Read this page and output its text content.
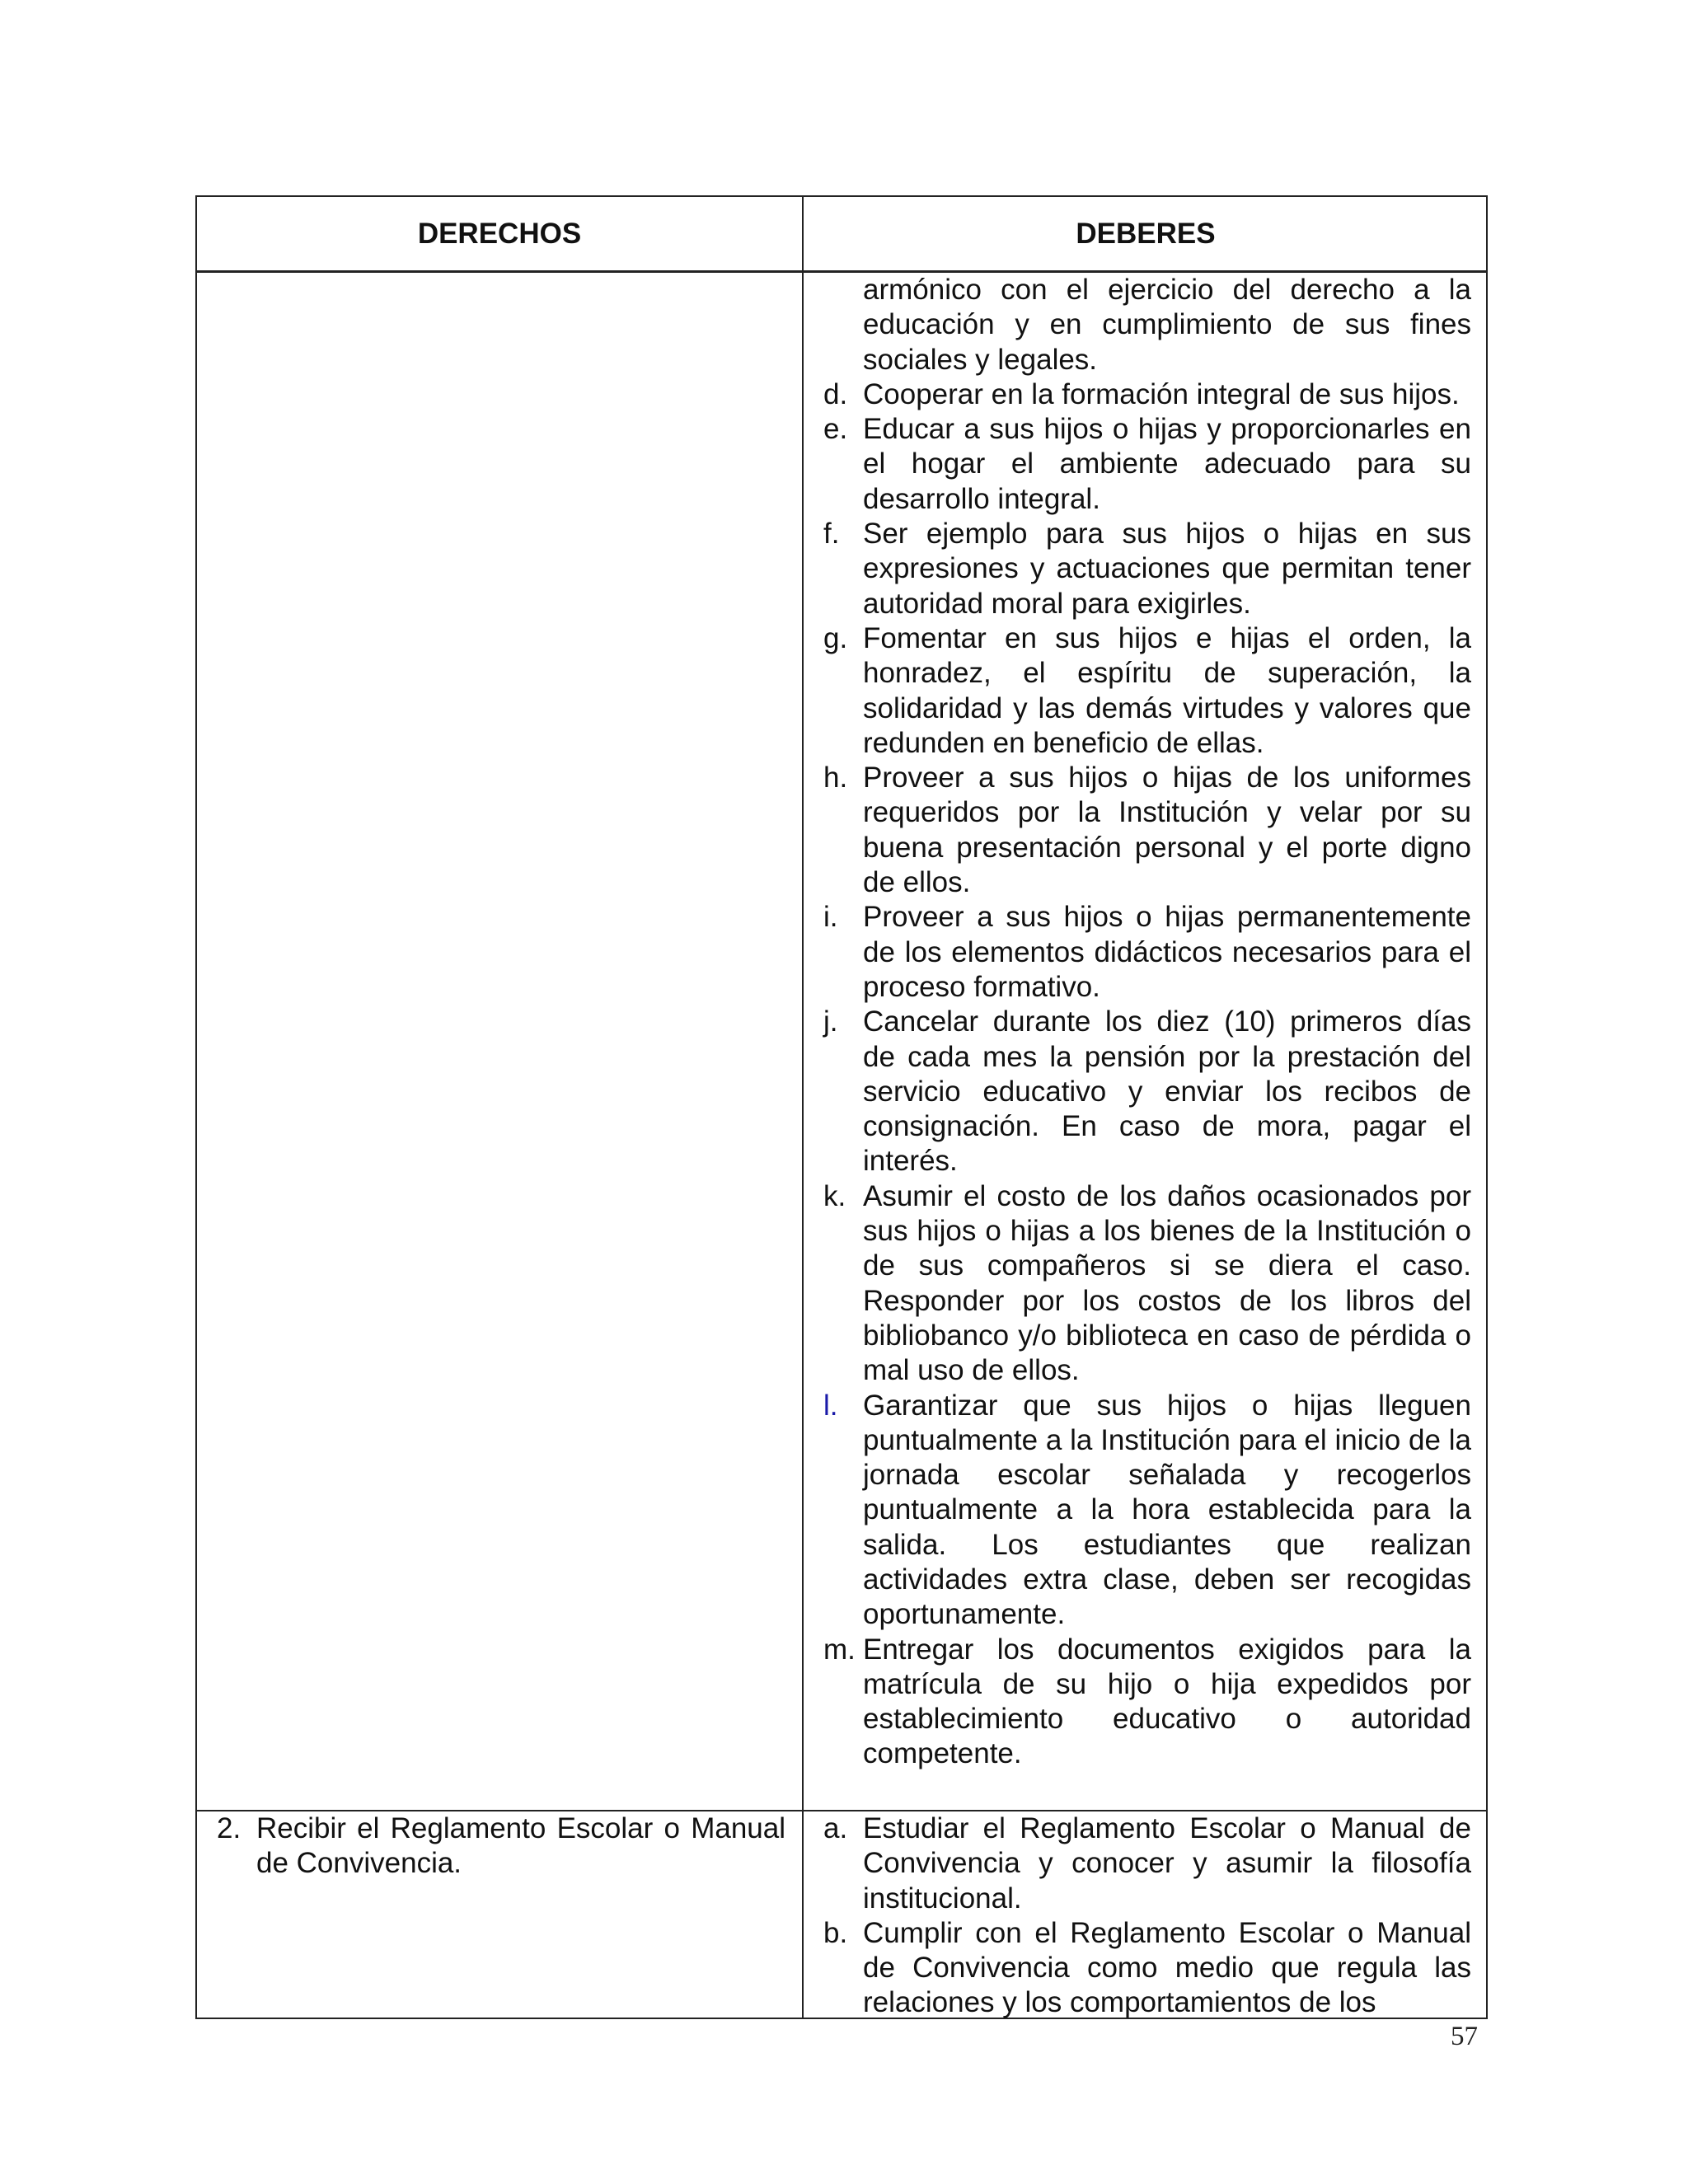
DERECHOS	DEBERES
armónico con el ejercicio del derecho a la educación y en cumplimiento de sus fines sociales y legales.
d. Cooperar en la formación integral de sus hijos.
e. Educar a sus hijos o hijas y proporcionarles en el hogar el ambiente adecuado para su desarrollo integral.
f. Ser ejemplo para sus hijos o hijas en sus expresiones y actuaciones que permitan tener autoridad moral para exigirles.
g. Fomentar en sus hijos e hijas el orden, la honradez, el espíritu de superación, la solidaridad y las demás virtudes y valores que redunden en beneficio de ellas.
h. Proveer a sus hijos o hijas de los uniformes requeridos por la Institución y velar por su buena presentación personal y el porte digno de ellos.
i. Proveer a sus hijos o hijas permanentemente de los elementos didácticos necesarios para el proceso formativo.
j. Cancelar durante los diez (10) primeros días de cada mes la pensión por la prestación del servicio educativo y enviar los recibos de consignación. En caso de mora, pagar el interés.
k. Asumir el costo de los daños ocasionados por sus hijos o hijas a los bienes de la Institución o de sus compañeros si se diera el caso. Responder por los costos de los libros del bibliobanco y/o biblioteca en caso de pérdida o mal uso de ellos.
l. Garantizar que sus hijos o hijas lleguen puntualmente a la Institución para el inicio de la jornada escolar señalada y recogerlos puntualmente a la hora establecida para la salida. Los estudiantes que realizan actividades extra clase, deben ser recogidas oportunamente.
m. Entregar los documentos exigidos para la matrícula de su hijo o hija expedidos por establecimiento educativo o autoridad competente.
2. Recibir el Reglamento Escolar o Manual de Convivencia.
a. Estudiar el Reglamento Escolar o Manual de Convivencia y conocer y asumir la filosofía institucional.
b. Cumplir con el Reglamento Escolar o Manual de Convivencia como medio que regula las relaciones y los comportamientos de los
57
